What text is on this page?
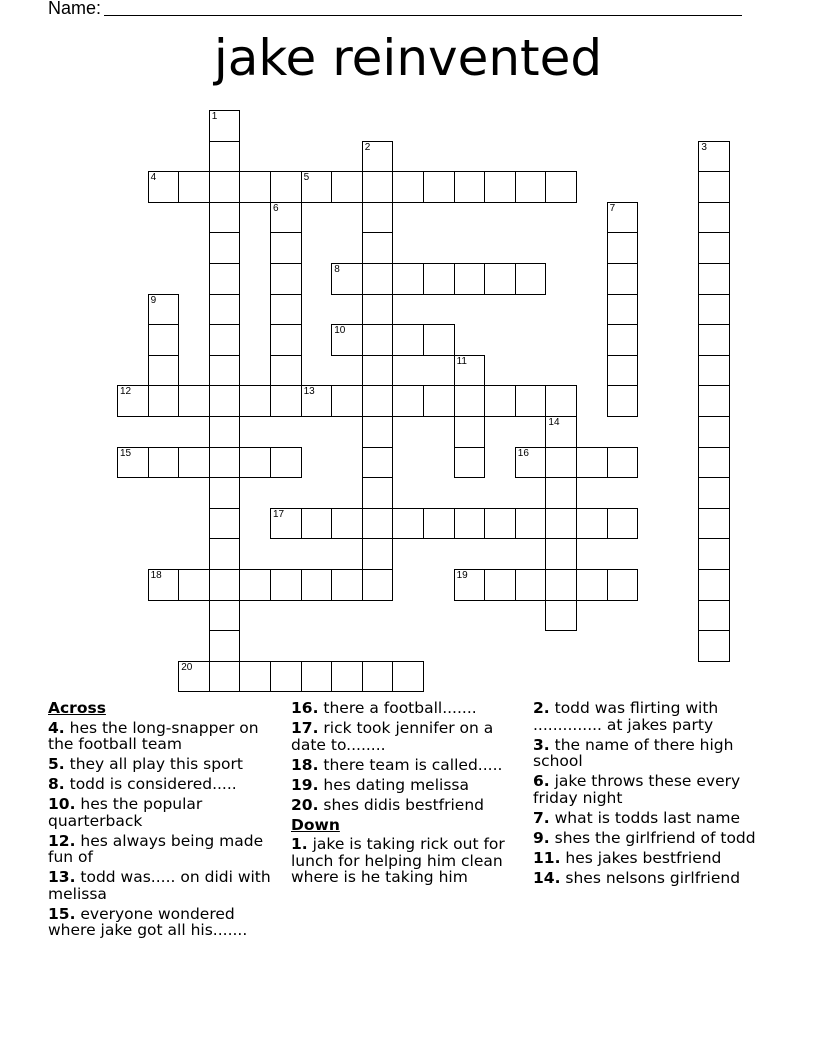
Name:
jake reinvented
1
2	3
4	5
6	7
8
9
10
11
12	13
14
15	16
17
18	19
20
Across
4. hes the long-snapper on the football team
5. they all play this sport
8. todd is considered.....
10. hes the popular quarterback
12. hes always being made fun of
13. todd was..... on didi with melissa
15. everyone wondered where jake got all his.......
16. there a football.......
17. rick took jennifer on a date to........
18. there team is called.....
19. hes dating melissa
20. shes didis bestfriend
Down
1. jake is taking rick out for lunch for helping him clean where is he taking him
2. todd was flirting with .............. at jakes party
3. the name of there high school
6. jake throws these every friday night
7. what is todds last name
9. shes the girlfriend of todd
11. hes jakes bestfriend
14. shes nelsons girlfriend
